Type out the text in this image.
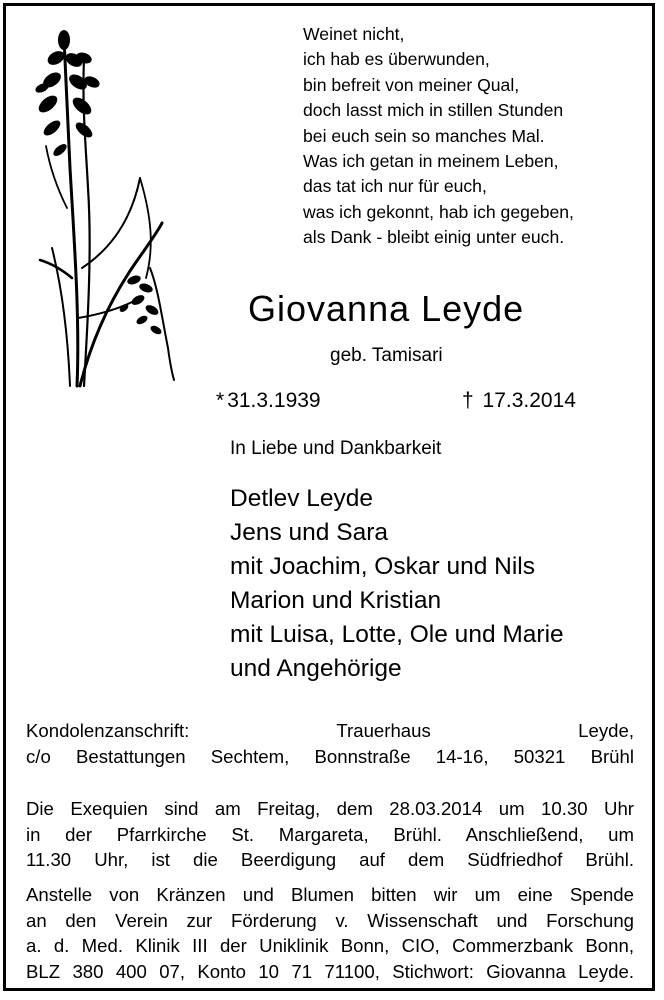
Weinet nicht,
ich hab es überwunden,
bin befreit von meiner Qual,
doch lasst mich in stillen Stunden
bei euch sein so manches Mal.
Was ich getan in meinem Leben,
das tat ich nur für euch,
was ich gekonnt, hab ich gegeben,
als Dank - bleibt einig unter euch.
Giovanna Leyde
geb. Tamisari
* 31.3.1939	† 17.3.2014
In Liebe und Dankbarkeit
Detlev Leyde
Jens und Sara
mit Joachim, Oskar und Nils
Marion und Kristian
mit Luisa, Lotte, Ole und Marie
und Angehörige
Kondolenzanschrift: Trauerhaus Leyde,
c/o Bestattungen Sechtem, Bonnstraße 14-16, 50321 Brühl
Die Exequien sind am Freitag, dem 28.03.2014 um 10.30 Uhr
in der Pfarrkirche St. Margareta, Brühl. Anschließend, um
11.30 Uhr, ist die Beerdigung auf dem Südfriedhof Brühl.
Anstelle von Kränzen und Blumen bitten wir um eine Spende
an den Verein zur Förderung v. Wissenschaft und Forschung
a. d. Med. Klinik III der Uniklinik Bonn, CIO, Commerzbank Bonn,
BLZ 380 400 07, Konto 10 71 71100, Stichwort: Giovanna Leyde.
